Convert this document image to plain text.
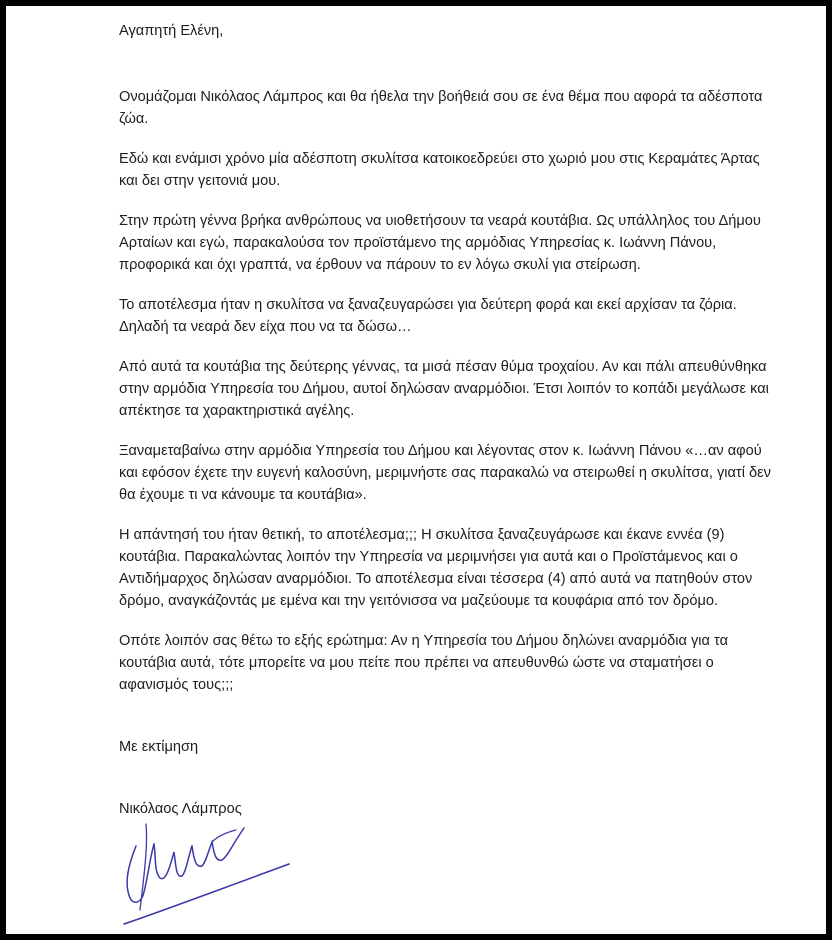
Αγαπητή Ελένη,

Ονομάζομαι Νικόλαος Λάμπρος και θα ήθελα την βοήθειά σου σε ένα θέμα που αφορά τα αδέσποτα ζώα.

Εδώ και ενάμισι χρόνο μία αδέσποτη σκυλίτσα κατοικοεδρεύει στο χωριό μου στις Κεραμάτες Άρτας και δει στην γειτονιά μου.

Στην πρώτη γέννα βρήκα ανθρώπους να υιοθετήσουν τα νεαρά κουτάβια. Ως υπάλληλος του Δήμου Αρταίων και εγώ, παρακαλούσα τον προϊστάμενο της αρμόδιας Υπηρεσίας κ. Ιωάννη Πάνου, προφορικά και όχι γραπτά, να έρθουν να πάρουν το εν λόγω σκυλί για στείρωση.

Το αποτέλεσμα ήταν η σκυλίτσα να ξαναζευγαρώσει για δεύτερη φορά και εκεί αρχίσαν τα ζόρια. Δηλαδή τα νεαρά δεν είχα που να τα δώσω…

Από αυτά τα κουτάβια της δεύτερης γέννας, τα μισά πέσαν θύμα τροχαίου. Αν και πάλι απευθύνθηκα στην αρμόδια Υπηρεσία του Δήμου, αυτοί δηλώσαν αναρμόδιοι. Έτσι λοιπόν το κοπάδι μεγάλωσε και απέκτησε τα χαρακτηριστικά αγέλης.

Ξαναμεταβαίνω στην αρμόδια Υπηρεσία του Δήμου και λέγοντας στον κ. Ιωάννη Πάνου «…αν αφού και εφόσον έχετε την ευγενή καλοσύνη, μεριμνήστε σας παρακαλώ να στειρωθεί η σκυλίτσα, γιατί δεν θα έχουμε τι να κάνουμε τα κουτάβια».

Η απάντησή του ήταν θετική, το αποτέλεσμα;;; Η σκυλίτσα ξαναζευγάρωσε και έκανε εννέα (9) κουτάβια. Παρακαλώντας λοιπόν την Υπηρεσία να μεριμνήσει για αυτά και ο Προϊστάμενος και ο Αντιδήμαρχος δηλώσαν αναρμόδιοι. Το αποτέλεσμα είναι τέσσερα (4) από αυτά να πατηθούν στον δρόμο, αναγκάζοντάς με εμένα και την γειτόνισσα να μαζεύουμε τα κουφάρια από τον δρόμο.

Οπότε λοιπόν σας θέτω το εξής ερώτημα: Αν η Υπηρεσία του Δήμου δηλώνει αναρμόδια για τα κουτάβια αυτά, τότε μπορείτε να μου πείτε που πρέπει να απευθυνθώ ώστε να σταματήσει ο αφανισμός τους;;;

Με εκτίμηση
Νικόλαος Λάμπρος
